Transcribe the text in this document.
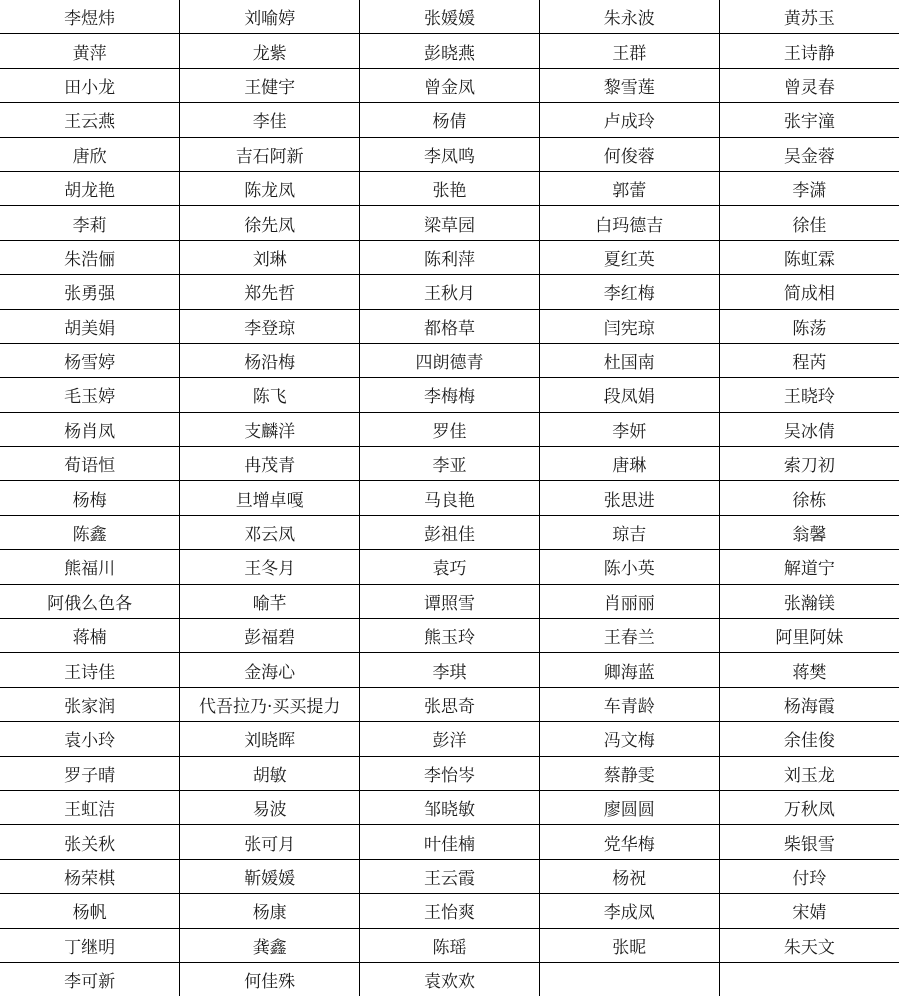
李煜炜	刘喻婷	张媛媛	朱永波	黄苏玉
黄萍	龙紫	彭晓燕	王群	王诗静
田小龙	王健宇	曾金凤	黎雪莲	曾灵春
王云燕	李佳	杨倩	卢成玲	张宇潼
唐欣	吉石阿新	李凤鸣	何俊蓉	吴金蓉
胡龙艳	陈龙凤	张艳	郭蕾	李潇
李莉	徐先凤	梁草园	白玛德吉	徐佳
朱浩俪	刘琳	陈利萍	夏红英	陈虹霖
张勇强	郑先哲	王秋月	李红梅	简成相
胡美娟	李登琼	都格草	闫宪琼	陈荡
杨雪婷	杨沿梅	四朗德青	杜国南	程芮
毛玉婷	陈飞	李梅梅	段凤娟	王晓玲
杨肖凤	支麟洋	罗佳	李妍	吴冰倩
荀语恒	冉茂青	李亚	唐琳	索刀初
杨梅	旦增卓嘎	马良艳	张思进	徐栋
陈鑫	邓云凤	彭祖佳	琼吉	翁馨
熊福川	王冬月	袁巧	陈小英	解道宁
阿俄么色各	喻芊	谭照雪	肖丽丽	张瀚镁
蒋楠	彭福碧	熊玉玲	王春兰	阿里阿妹
王诗佳	金海心	李琪	卿海蓝	蒋樊
张家润	代吾拉乃·买买提力	张思奇	车青龄	杨海霞
袁小玲	刘晓晖	彭洋	冯文梅	余佳俊
罗子晴	胡敏	李怡岑	蔡静雯	刘玉龙
王虹洁	易波	邹晓敏	廖圆圆	万秋凤
张关秋	张可月	叶佳楠	党华梅	柴银雪
杨荣棋	靳媛媛	王云霞	杨祝	付玲
杨帆	杨康	王怡爽	李成凤	宋婧
丁继明	龚鑫	陈瑶	张昵	朱天文
李可新	何佳殊	袁欢欢		
